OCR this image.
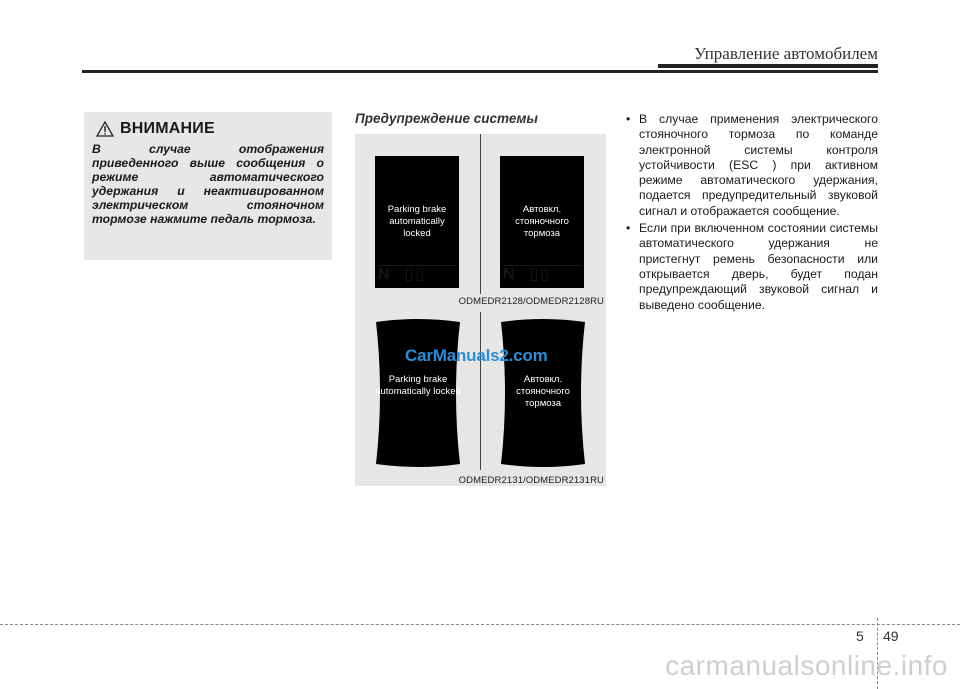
Управление автомобилем
ВНИМАНИЕ
В случае отображения приведенного выше сообщения о режиме автоматического удержания и неактивированном электрическом стояночном тормозе нажмите педаль тормоза.
Предупреждение системы
Parking brake automatically locked
N  ▯▯
Автовкл. стояночного тормоза
N  ▯▯
ODMEDR2128/ODMEDR2128RU
Parking brake automatically locked
Автовкл. стояночного тормоза
ODMEDR2131/ODMEDR2131RU
CarManuals2.com
• В случае применения электрического стояночного тормоза по команде электронной системы контроля устойчивости (ESC ) при активном режиме автоматического удержания, подается предупредительный звуковой сигнал и отображается сообщение.
• Если при включенном состоянии системы автоматического удержания не пристегнут ремень безопасности или открывается дверь, будет подан предупреждающий звуковой сигнал и выведено сообщение.
5 49
carmanualsonline.info
